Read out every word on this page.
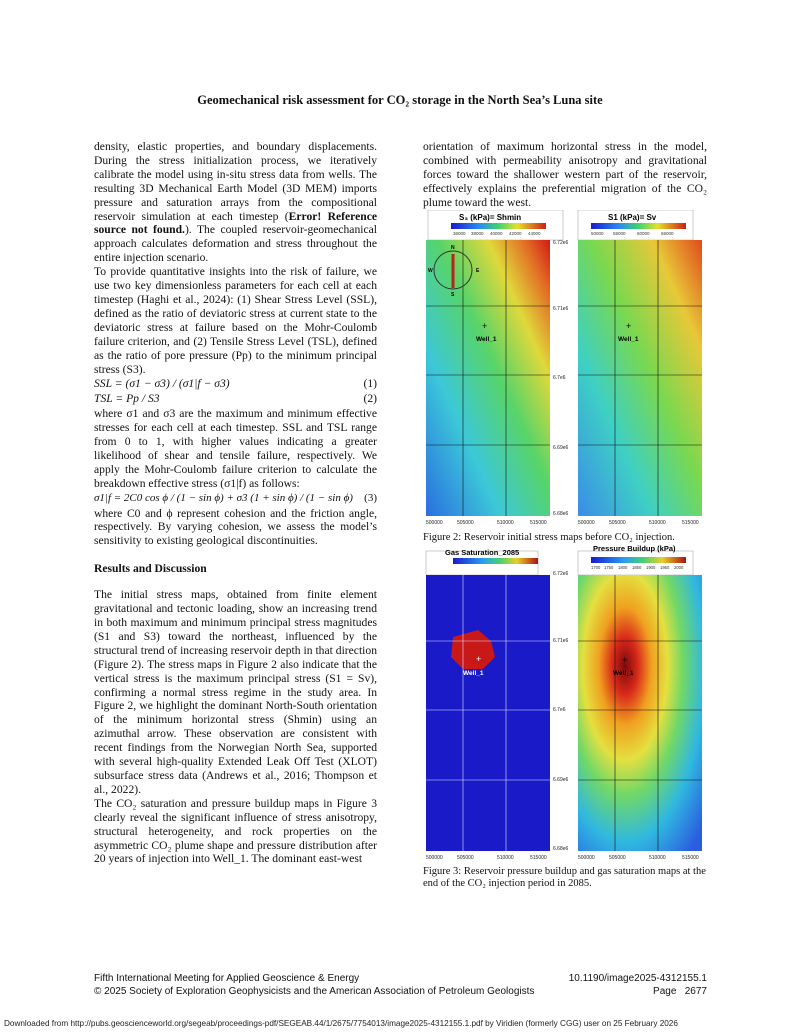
Geomechanical risk assessment for CO₂ storage in the North Sea’s Luna site

density, elastic properties, and boundary displacements. During the stress initialization process, we iteratively calibrate the model using in-situ stress data from wells. The resulting 3D Mechanical Earth Model (3D MEM) imports pressure and saturation arrays from the compositional reservoir simulation at each timestep (Error! Reference source not found.). The coupled reservoir-geomechanical approach calculates deformation and stress throughout the entire injection scenario.

To provide quantitative insights into the risk of failure, we use two key dimensionless parameters for each cell at each timestep (Haghi et al., 2024): (1) Shear Stress Level (SSL), defined as the ratio of deviatoric stress at current state to the deviatoric stress at failure based on the Mohr-Coulomb failure criterion, and (2) Tensile Stress Level (TSL), defined as the ratio of pore pressure (Pp) to the minimum principal stress (S3).

SSL = (σ1 − σ3) / (σ1|f − σ3)	(1)
TSL = Pp / S3	(2)

where σ1 and σ3 are the maximum and minimum effective stresses for each cell at each timestep. SSL and TSL range from 0 to 1, with higher values indicating a greater likelihood of shear and tensile failure, respectively. We apply the Mohr-Coulomb failure criterion to calculate the breakdown effective stress (σ1|f) as follows:

σ1|f = 2C0 cos ϕ / (1 − sin ϕ) + σ3 (1 + sin ϕ) / (1 − sin ϕ) (3)

where C0 and ϕ represent cohesion and the friction angle, respectively. By varying cohesion, we assess the model’s sensitivity to existing geological discontinuities.

Results and Discussion

The initial stress maps, obtained from finite element gravitational and tectonic loading, show an increasing trend in both maximum and minimum principal stress magnitudes (S1 and S3) toward the northeast, influenced by the structural trend of increasing reservoir depth in that direction (Figure 2). The stress maps in Figure 2 also indicate that the vertical stress is the maximum principal stress (S1 = Sv), confirming a normal stress regime in the study area. In Figure 2, we highlight the dominant North-South orientation of the minimum horizontal stress (Shmin) using an azimuthal arrow. These observation are consistent with recent findings from the Norwegian North Sea, supported with several high-quality Extended Leak Off Test (XLOT) subsurface stress data (Andrews et al., 2016; Thompson et al., 2022).

The CO₂ saturation and pressure buildup maps in Figure 3 clearly reveal the significant influence of stress anisotropy, structural heterogeneity, and rock properties on the asymmetric CO₂ plume shape and pressure distribution after 20 years of injection into Well_1. The dominant east-west

orientation of maximum horizontal stress in the model, combined with permeability anisotropy and gravitational forces toward the shallower western part of the reservoir, effectively explains the preferential migration of the CO₂ plume toward the west.

S₃ (kPa)= Shmin
36000 38000 40000 42000 44000
N
S
W	E
+
Well_1
S1 (kPa)= Sv
50000 55000	60000	65000
+
Well_1
6.72e6
6.71e6
6.7e6
6.69e6
6.68e6
500000	505000	510000	515000	500000	505000	510000	515000
Figure 2: Reservoir initial stress maps before CO₂ injection.
Gas Saturation_2085
+
Well_1
Pressure Buildup (kPa)
1700 1750 1800 1850 1900 1950 2000
+
Well_1
6.72e6
6.71e6
6.7e6
6.69e6
6.68e6
500000	505000	510000	515000	500000	505000	510000	515000
Figure 3: Reservoir pressure buildup and gas saturation maps at the end of the CO₂ injection period in 2085.
Fifth International Meeting for Applied Geoscience & Energy	10.1190/image2025-4312155.1
© 2025 Society of Exploration Geophysicists and the American Association of Petroleum Geologists	Page 2677
Downloaded from http://pubs.geoscienceworld.org/segeab/proceedings-pdf/SEGEAB.44/1/2675/7754013/image2025-4312155.1.pdf by Viridien (formerly CGG) user on 25 February 2026
